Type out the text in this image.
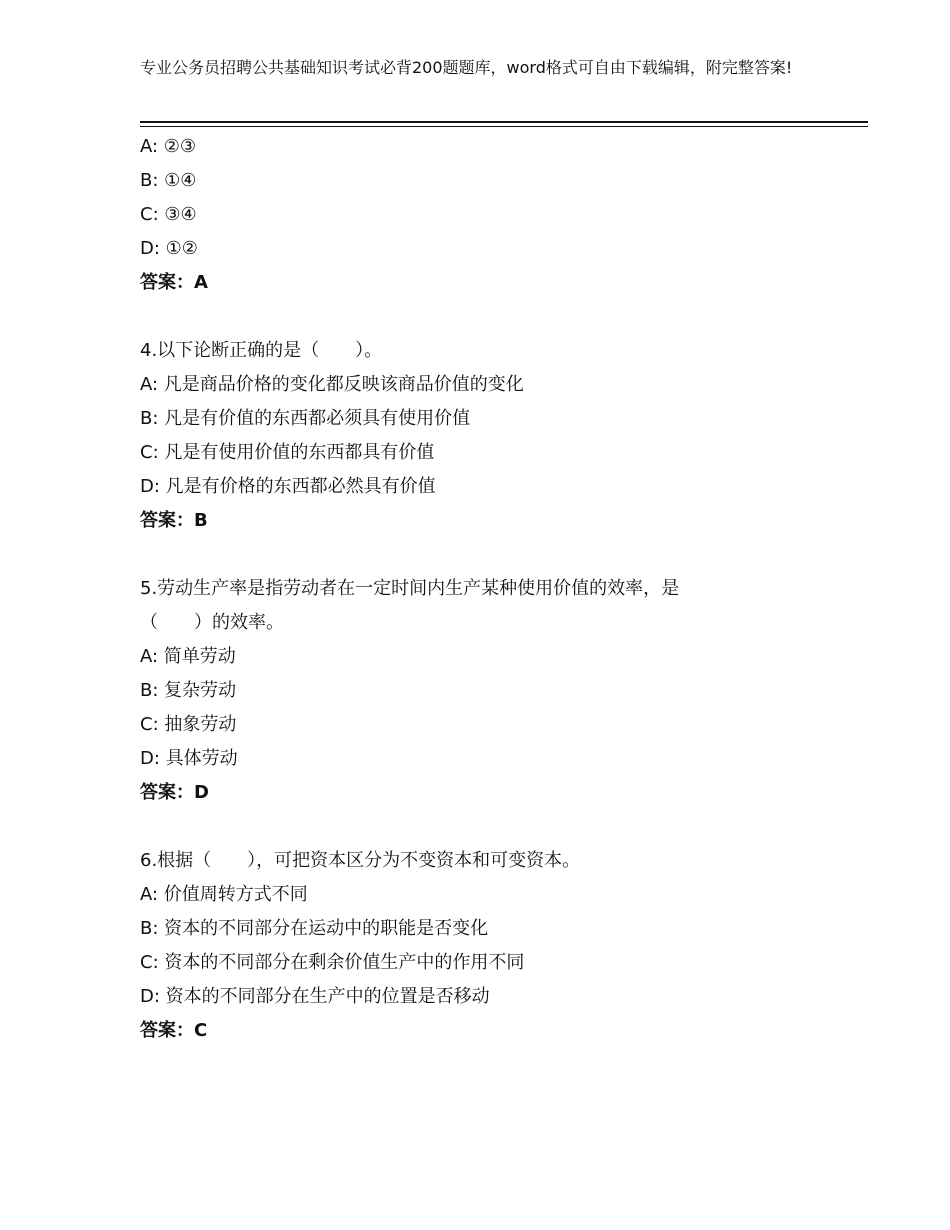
专业公务员招聘公共基础知识考试必背200题题库，word格式可自由下载编辑，附完整答案!

A: ②③

B: ①④

C: ③④

D: ①②

答案：A

4.以下论断正确的是（　　）。

A: 凡是商品价格的变化都反映该商品价值的变化

B: 凡是有价值的东西都必须具有使用价值

C: 凡是有使用价值的东西都具有价值

D: 凡是有价格的东西都必然具有价值

答案：B

5.劳动生产率是指劳动者在一定时间内生产某种使用价值的效率，是

（　　）的效率。

A: 简单劳动

B: 复杂劳动

C: 抽象劳动

D: 具体劳动

答案：D

6.根据（　　），可把资本区分为不变资本和可变资本。

A: 价值周转方式不同

B: 资本的不同部分在运动中的职能是否变化

C: 资本的不同部分在剩余价值生产中的作用不同

D: 资本的不同部分在生产中的位置是否移动

答案：C
